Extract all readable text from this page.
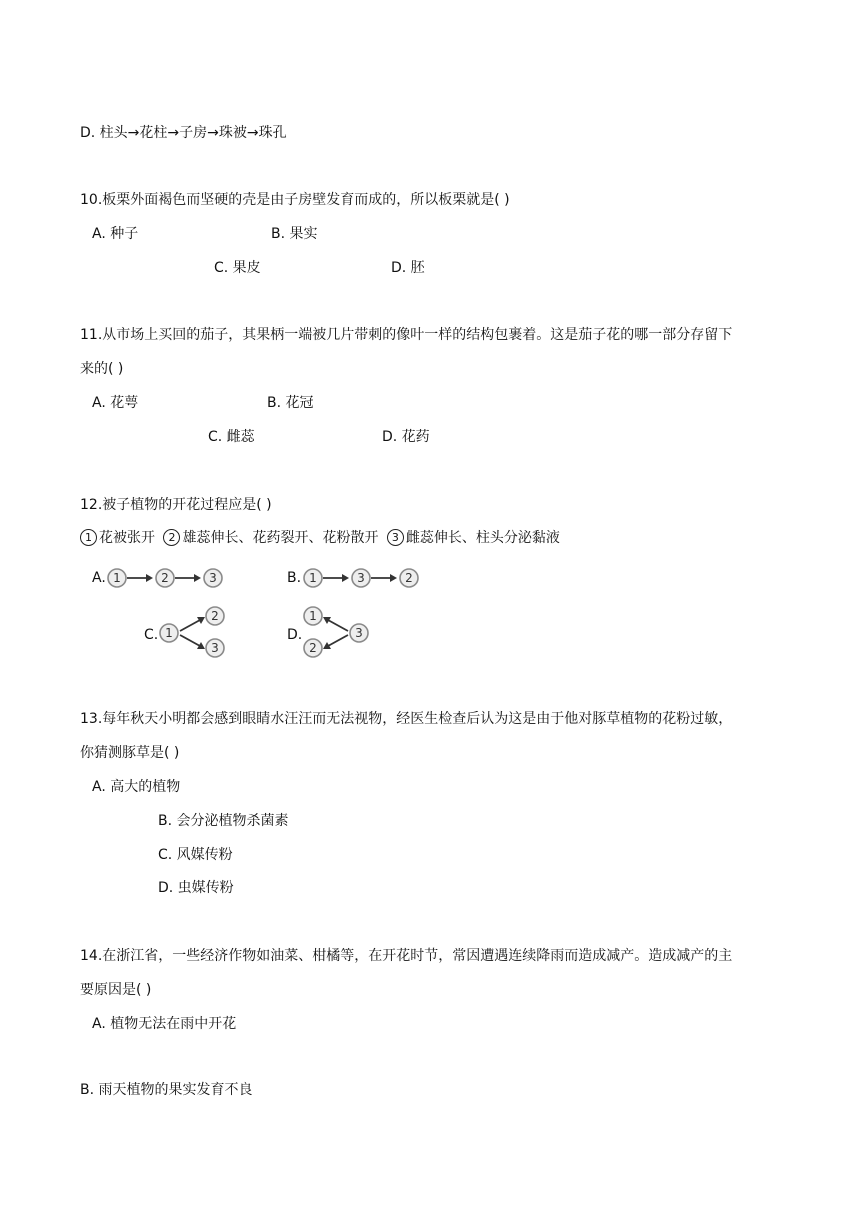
D. 柱头→花柱→子房→珠被→珠孔
10.板栗外面褐色而坚硬的壳是由子房壁发育而成的，所以板栗就是( )
A. 种子	B. 果实
C. 果皮	D. 胚
11.从市场上买回的茄子，其果柄一端被几片带刺的像叶一样的结构包裹着。这是茄子花的哪一部分存留下
来的( )
A. 花萼	B. 花冠
C. 雌蕊	D. 花药
12.被子植物的开花过程应是( )
1 花被张开 2 雄蕊伸长、花药裂开、花粉散开 3 雌蕊伸长、柱头分泌黏液
A. 1	2	3	B. 1	3	2
C. 1
2
3
D.
1
2
3
13.每年秋天小明都会感到眼睛水汪汪而无法视物，经医生检查后认为这是由于他对豚草植物的花粉过敏，
你猜测豚草是( )
A. 高大的植物
B. 会分泌植物杀菌素
C. 风媒传粉
D. 虫媒传粉
14.在浙江省，一些经济作物如油菜、柑橘等，在开花时节，常因遭遇连续降雨而造成减产。造成减产的主
要原因是( )
A. 植物无法在雨中开花
B. 雨天植物的果实发育不良
